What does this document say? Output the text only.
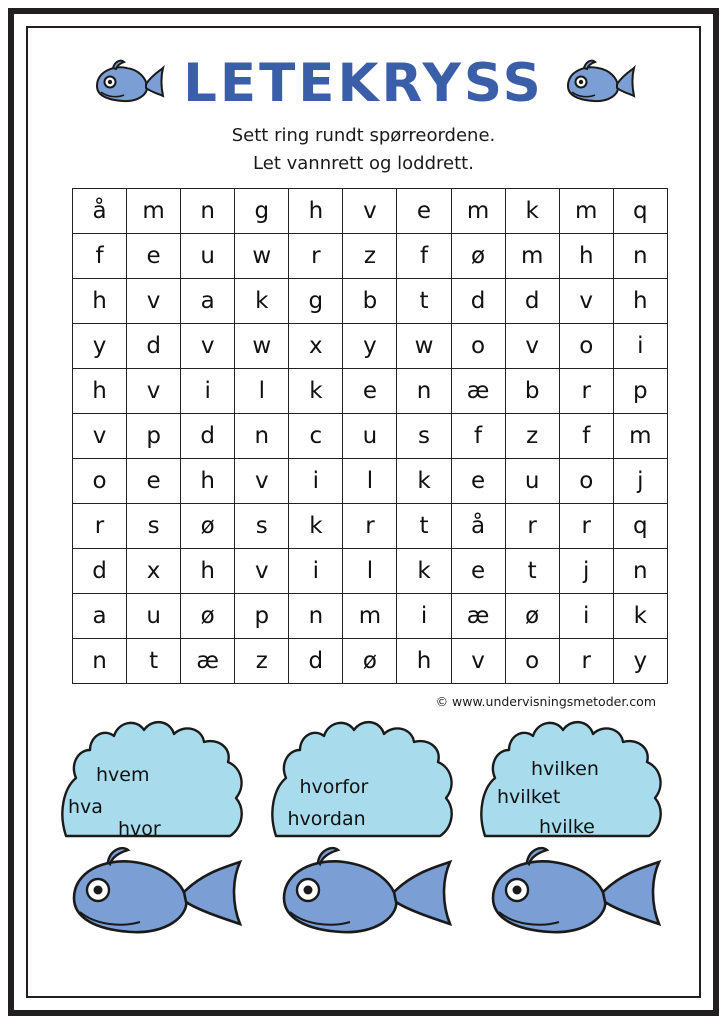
LETEKRYSS
Sett ring rundt spørreordene.
Let vannrett og loddrett.
å	m	n	g	h	v	e	m	k	m	q
f	e	u	w	r	z	f	ø	m	h	n
h	v	a	k	g	b	t	d	d	v	h
y	d	v	w	x	y	w	o	v	o	i
h	v	i	l	k	e	n	æ	b	r	p
v	p	d	n	c	u	s	f	z	f	m
o	e	h	v	i	l	k	e	u	o	j
r	s	ø	s	k	r	t	å	r	r	q
d	x	h	v	i	l	k	e	t	j	n
a	u	ø	p	n	m	i	æ	ø	i	k
n	t	æ	z	d	ø	h	v	o	r	y
© www.undervisningsmetoder.com
hvem
hva
hvor
hvorfor
hvordan
hvilken
hvilket
hvilke
